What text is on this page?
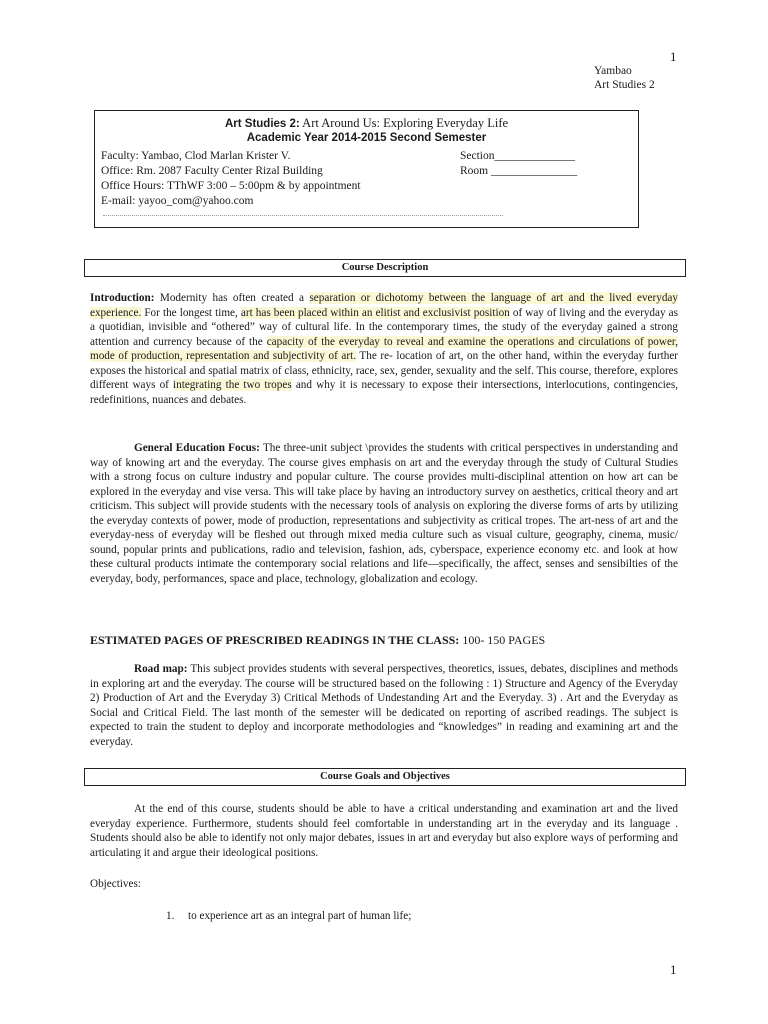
1
Yambao
Art Studies 2
Art Studies 2: Art Around Us: Exploring Everyday Life
Academic Year 2014-2015 Second Semester
Faculty: Yambao, Clod Marlan Krister V.
Office: Rm. 2087 Faculty Center Rizal Building
Office Hours: TThWF 3:00 – 5:00pm & by appointment
E-mail: yayoo_com@yahoo.com
Section______________
Room _______________
Course Description
Introduction: Modernity has often created a separation or dichotomy between the language of art and the lived everyday experience. For the longest time, art has been placed within an elitist and exclusivist position of way of living and the everyday as a quotidian, invisible and “othered” way of cultural life. In the contemporary times, the study of the everyday gained a strong attention and currency because of the capacity of the everyday to reveal and examine the operations and circulations of power, mode of production, representation and subjectivity of art. The re- location of art, on the other hand, within the everyday further exposes the historical and spatial matrix of class, ethnicity, race, sex, gender, sexuality and the self. This course, therefore, explores different ways of integrating the two tropes and why it is necessary to expose their intersections, interlocutions, contingencies, redefinitions, nuances and debates.
General Education Focus: The three-unit subject \provides the students with critical perspectives in understanding and way of knowing art and the everyday. The course gives emphasis on art and the everyday through the study of Cultural Studies with a strong focus on culture industry and popular culture. The course provides multi-disciplinal attention on how art can be explored in the everyday and vise versa. This will take place by having an introductory survey on aesthetics, critical theory and art criticism. This subject will provide students with the necessary tools of analysis on exploring the diverse forms of arts by utilizing the everyday contexts of power, mode of production, representations and subjectivity as critical tropes. The art-ness of art and the everyday-ness of everyday will be fleshed out through mixed media culture such as visual culture, geography, cinema, music/ sound, popular prints and publications, radio and television, fashion, ads, cyberspace, experience economy etc. and look at how these cultural products intimate the contemporary social relations and life—specifically, the affect, senses and sensibilties of the everyday, body, performances, space and place, technology, globalization and ecology.
ESTIMATED PAGES OF PRESCRIBED READINGS IN THE CLASS: 100- 150 PAGES
Road map: This subject provides students with several perspectives, theoretics, issues, debates, disciplines and methods in exploring art and the everyday. The course will be structured based on the following : 1) Structure and Agency of the Everyday 2) Production of Art and the Everyday 3) Critical Methods of Undestanding Art and the Everyday. 3) . Art and the Everyday as Social and Critical Field. The last month of the semester will be dedicated on reporting of ascribed readings. The subject is expected to train the student to deploy and incorporate methodologies and “knowledges” in reading and examining art and the everyday.
Course Goals and Objectives
At the end of this course, students should be able to have a critical understanding and examination art and the lived everyday experience. Furthermore, students should feel comfortable in understanding art in the everyday and its language . Students should also be able to identify not only major debates, issues in art and everyday but also explore ways of performing and articulating it and argue their ideological positions.
Objectives:
1. to experience art as an integral part of human life;
1
